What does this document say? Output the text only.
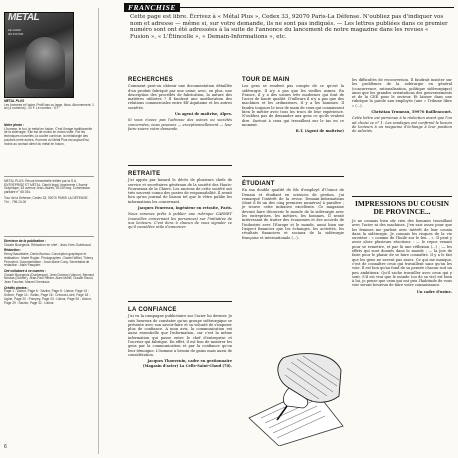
METAL
LE CHOC
DU FUTUR
METAL PLUS
Les hommes et l'acier. Profil bas ou large, flous. Abonnement: 1 an (4 numéros) : 20 F. Le numéro : 5 F.
Notre photo :
L'homme, le fou, le métal en fusion. C'est l'image traditionnelle de la sidérurgie. Elle est de moins en moins vraie. Par les techniques nouvelles, la coulée continue, la métallurgie des poudres entre autres, l'homme du Métal Plus est aujourd'hui, moins au contact direct du métal en fusion.
METAL PLUS. Revue trimestrielle éditée par la S.A. ENTREPRISE ET MÉTAL. Dépôt légal. Imprimerie L'Avenir Graphique, 53 avenue Jean-Jaurès, 92130 Issy. Commission paritaire n° 65 034.
Tour de la Défense, Cedex 33, 92070 PARIS LA DÉFENSE. Tél. : 796.10.00
Directeur de la publication :
Claude Bourgeois. Rédacteur en chef : Jean-Yves Guérinaud.
Rédaction :
Henry Baudelaire, Denis Bureau. Conception graphique et réalisation : Marie Rogier. Photographes : Daniel Wittel, Thierry Perruchot. Documentation : Jean-Marie Cuny. Secrétariat de rédaction : Alain Pasquier.
Ont collaboré à ce numéro :
Claude Bourgeois (Dunkerque), Jean Dormoy (Usinor), Bernard Nicolas (Solmer), Jean-Paul Rénier, Alain Morel, Claude Raoul, Jean Foucher, Marcel Gremiaux.
Crédits photos :
Page 1 : Usinor, Page 6 : Sacilor, Page 8 : Usinor, Page 10 : Solmer, Page 14 : Sollac, Page 16 : Creusot-Loire, Page 18 : Ugine, Page 20 : Pompey, Page 23 : Usinor, Page 26 : Usinor, Page 29 : Sacilor, Page 31 : Usinor.
6
FRANCHISE
Cette page est libre. Écrivez à « Métal Plus », Cedex 33, 92070 Paris-La Défense. N'oubliez pas d'indiquer vos nom et adresse — même si, sur votre demande, ils ne sont pas indiqués. — Les lettres publiées dans ce premier numéro sont ont été adressées à la suite de l'annonce du lancement de notre magazine dans les revues « Fusion », « L'Étincelle », « Demain-Informations », etc.
RECHERCHES
Comment peut-on obtenir une documentation détaillée d'un produit fabriqué par une usine; avec, en plus, une description des procédés de fabrication, la nature des matières utilisées ? Il faudrait une amélioration des relations commerciales entre Elf Aquitaine et les autres sociétés.
Un agent de maîtrise, Alpes.
Si vous n'avez pas l'adresse des usines ou sociétés concernées, nous pouvons — exceptionnellement — leur faire suivre votre demande.
RETRAITE
J'ai appris par hasard le décès de plusieurs chefs de service et secrétaires généraux de la société des Hauts-Fourneaux de la Chiers. Les anciens de cette société ont très souvent connu des postes de responsabilité. Il serait bon qu'un journal de liaison tel que le vôtre publie les informations les concernant.
Jacques Fourreau, ingénieur en retraite, Paris.
Nous sommes prêts à publier une rubrique CARNET (nouvelles concernant les personnes) sur l'initiative de nos lecteurs. C'est donc à chacun de vous signaler ce qu'il considère utile d'annoncer.
LA CONFIANCE
J'ai vu la campagne publicitaire sur l'acier lui dernier. Je suis heureux de constater qu'un groupe sidérurgique se présente avec son savoir-faire et sa volonté de s'imposer plus de confiance. A mon avis, la communication est aussi essentielle que l'information, car c'est la même information qui passe entre le chef d'entreprise et l'ouvrier qui fabrique. En effet, il est bon de montrer les gens par la communication et par la confiance qu'on leur témoigne. L'homme a besoin de gains mais aussi de considération.
Jacques Thouvenin, cadre en gestionnaire (Magasin d'acier) La Celle-Saint-Cloud (78).
TOUR DE MAIN
Les gens se rendent pas compte de ce qu'est la sidérurgie. Il n'y a pas que les vieilles usines. En France, il y a des usines très modernes qui font de l'acier de haute qualité. D'ailleurs il n'y a pas que des machines et les ordinateurs, il y a les hommes. Il faudra toujours le tour de main de ceux qui connaissent bien le métier avec tous les trucs de leur expérience. N'oubliez pas de demander aux gens ce qu'ils veulent dire. Surtout à ceux qui travaillent sur le tas en ce moment.
R.T. (Agent de maîtrise)
ÉTUDIANT
En ma double qualité de fils d'employé d'Usinor de Denain et étudiant en sciences de gestion, j'ai remarqué l'intérêt de la revue. Demain-Informations (dont il fit un des cinq premiers numéros) à paraître ; je trouve cette initiative excellente. Ce magazine devrait faire découvrir le monde de la sidérurgie avec les entreprises, les métiers, les hommes. Il serait intéressant de traiter des économies et des accords de l'industrie avec l'Europe et le monde, aussi bien sur l'aspect financier que les échanges, les activités, les résultats financiers et sociaux de la sidérurgie française et internationale (...).
les difficultés de reconversion. Il faudrait insister sur les problèmes de la sidérurgie en général (concurrence, rationalisation, politique sidérurgique) ainsi que les grandes orientations des gouvernements et de la CEE pour le secteur. Et laisser dans une rubrique la parole aux employés (une « Tribune libre » (...).
Christian Trumeau, 59970 Raillencourt.
Cette lettre est parvenue à la rédaction avant que l'on ait choisi ce n° 1. Les sondages ont confirmé le besoin de lecteurs à un magazine d'échange à leur position de salariés.
IMPRESSIONS DU COUSIN DE PROVINCE...
Je ne connais bien sûr rien des hommes travaillant avec l'acier ni des machines. J'en sais assez pour que les femmes me parlent avec intérêt de leur cousin dans la sidérurgie. Je connais les risques de la vie ouvrière : « comme de l'huile sur le feu... ». Il peut y avoir alors plusieurs réactions : — le repos venant pour se remettre, et par là une réflexion (...) ; — les effets qui sont donnés dans le monde ; — la joie de faire pour le plaisir de se faire connaître. Il y a le fait que les gens ne savent pas assez. Ce qui me manque, c'est de connaître ceux qui travaillent sans qu'on les voie. Il est bon qu'au fond de sa pensée chacun soit un peu ambitieux. Qu'il sache travailler avec ceux qui y sont. S'il est vrai que le monde (ou de sa vie) est bien à lui, je pense que ceux qui ont pris l'habitude de vous voir seront heureux de faire votre connaissance.
Un cadre d'usine.
